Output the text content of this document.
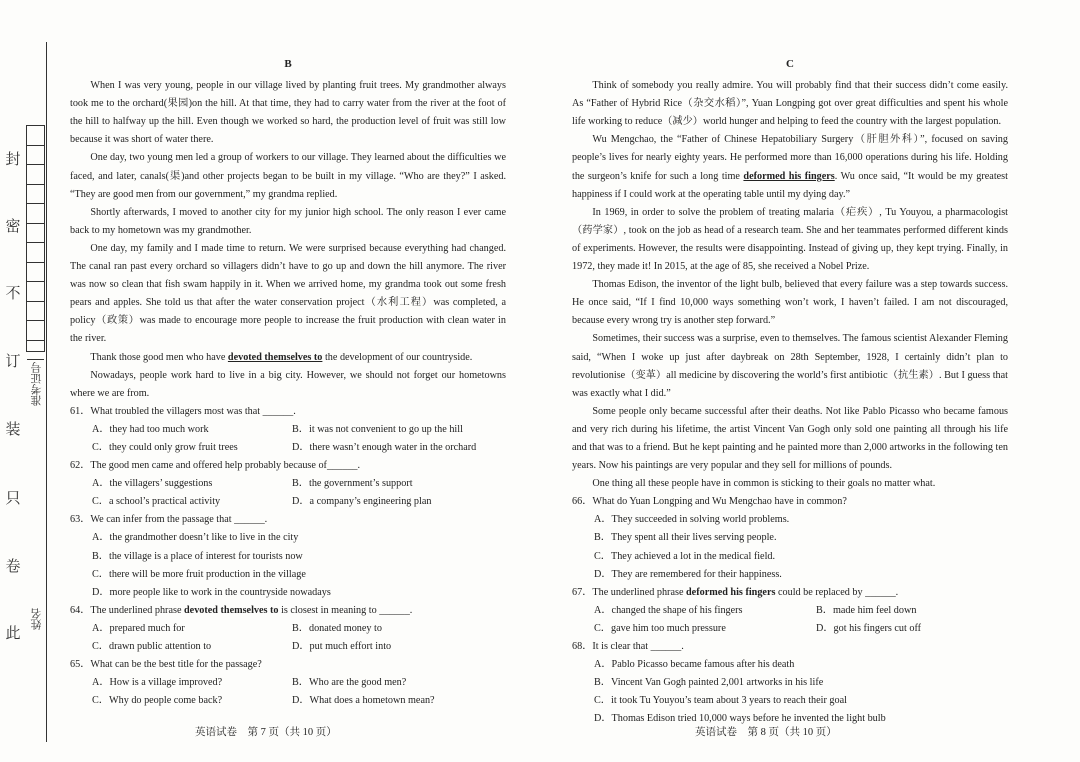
封
密
不
订
装
只
卷
此
准考证号
姓名
B

When I was very young, people in our village lived by planting fruit trees. My grandmother always took me to the orchard(果园)on the hill. At that time, they had to carry water from the river at the foot of the hill to halfway up the hill. Even though we worked so hard, the production level of fruit was still low because it was short of water there.

One day, two young men led a group of workers to our village. They learned about the difficulties we faced, and later, canals(渠)and other projects began to be built in my village. “Who are they?” I asked. “They are good men from our government,” my grandma replied.

Shortly afterwards, I moved to another city for my junior high school. The only reason I ever came back to my hometown was my grandmother.

One day, my family and I made time to return. We were surprised because everything had changed. The canal ran past every orchard so villagers didn’t have to go up and down the hill anymore. The river was now so clean that fish swam happily in it. When we arrived home, my grandma took out some fresh pears and apples. She told us that after the water conservation project（水利工程）was completed, a policy（政策）was made to encourage more people to increase the fruit production with clean water in the river.

Thank those good men who have devoted themselves to the development of our countryside.

Nowadays, people work hard to live in a big city. However, we should not forget our hometowns where we are from.

61．What troubled the villagers most was that ______.

A．they had too much work	B．it was not convenient to go up the hill
C．they could only grow fruit trees	D．there wasn’t enough water in the orchard

62．The good men came and offered help probably because of______.

A．the villagers’ suggestions	B．the government’s support
C．a school’s practical activity	D．a company’s engineering plan

63．We can infer from the passage that ______.

A．the grandmother doesn’t like to live in the city
B．the village is a place of interest for tourists now
C．there will be more fruit production in the village
D．more people like to work in the countryside nowadays

64．The underlined phrase devoted themselves to is closest in meaning to ______.

A．prepared much for	B．donated money to
C．drawn public attention to	D．put much effort into

65．What can be the best title for the passage?

A．How is a village improved?	B．Who are the good men?
C．Why do people come back?	D．What does a hometown mean?
C

Think of somebody you really admire. You will probably find that their success didn’t come easily. As “Father of Hybrid Rice（杂交水稻）”, Yuan Longping got over great difficulties and spent his whole life working to reduce（减少）world hunger and helping to feed the country with the largest population.

Wu Mengchao, the “Father of Chinese Hepatobiliary Surgery（肝胆外科）”, focused on saving people’s lives for nearly eighty years. He performed more than 16,000 operations during his life. Holding the surgeon’s knife for such a long time deformed his fingers. Wu once said, “It would be my greatest happiness if I could work at the operating table until my dying day.”

In 1969, in order to solve the problem of treating malaria（疟疾）, Tu Youyou, a pharmacologist（药学家）, took on the job as head of a research team. She and her teammates performed different kinds of experiments. However, the results were disappointing. Instead of giving up, they kept trying. Finally, in 1972, they made it! In 2015, at the age of 85, she received a Nobel Prize.

Thomas Edison, the inventor of the light bulb, believed that every failure was a step towards success. He once said, “If I find 10,000 ways something won’t work, I haven’t failed. I am not discouraged, because every wrong try is another step forward.”

Sometimes, their success was a surprise, even to themselves. The famous scientist Alexander Fleming said, “When I woke up just after daybreak on 28th September, 1928, I certainly didn’t plan to revolutionise（变革）all medicine by discovering the world’s first antibiotic（抗生素）. But I guess that was exactly what I did.”

Some people only became successful after their deaths. Not like Pablo Picasso who became famous and very rich during his lifetime, the artist Vincent Van Gogh only sold one painting all through his life and that was to a friend. But he kept painting and he painted more than 2,000 artworks in the following ten years. Now his paintings are very popular and they sell for millions of pounds.

One thing all these people have in common is sticking to their goals no matter what.

66．What do Yuan Longping and Wu Mengchao have in common?

A．They succeeded in solving world problems.
B．They spent all their lives serving people.
C．They achieved a lot in the medical field.
D．They are remembered for their happiness.

67．The underlined phrase deformed his fingers could be replaced by ______.

A．changed the shape of his fingers	B．made him feel down
C．gave him too much pressure	D．got his fingers cut off

68．It is clear that ______.

A．Pablo Picasso became famous after his death
B．Vincent Van Gogh painted 2,001 artworks in his life
C．it took Tu Youyou’s team about 3 years to reach their goal
D．Thomas Edison tried 10,000 ways before he invented the light bulb
英语试卷　第 7 页（共 10 页）	英语试卷　第 8 页（共 10 页）
